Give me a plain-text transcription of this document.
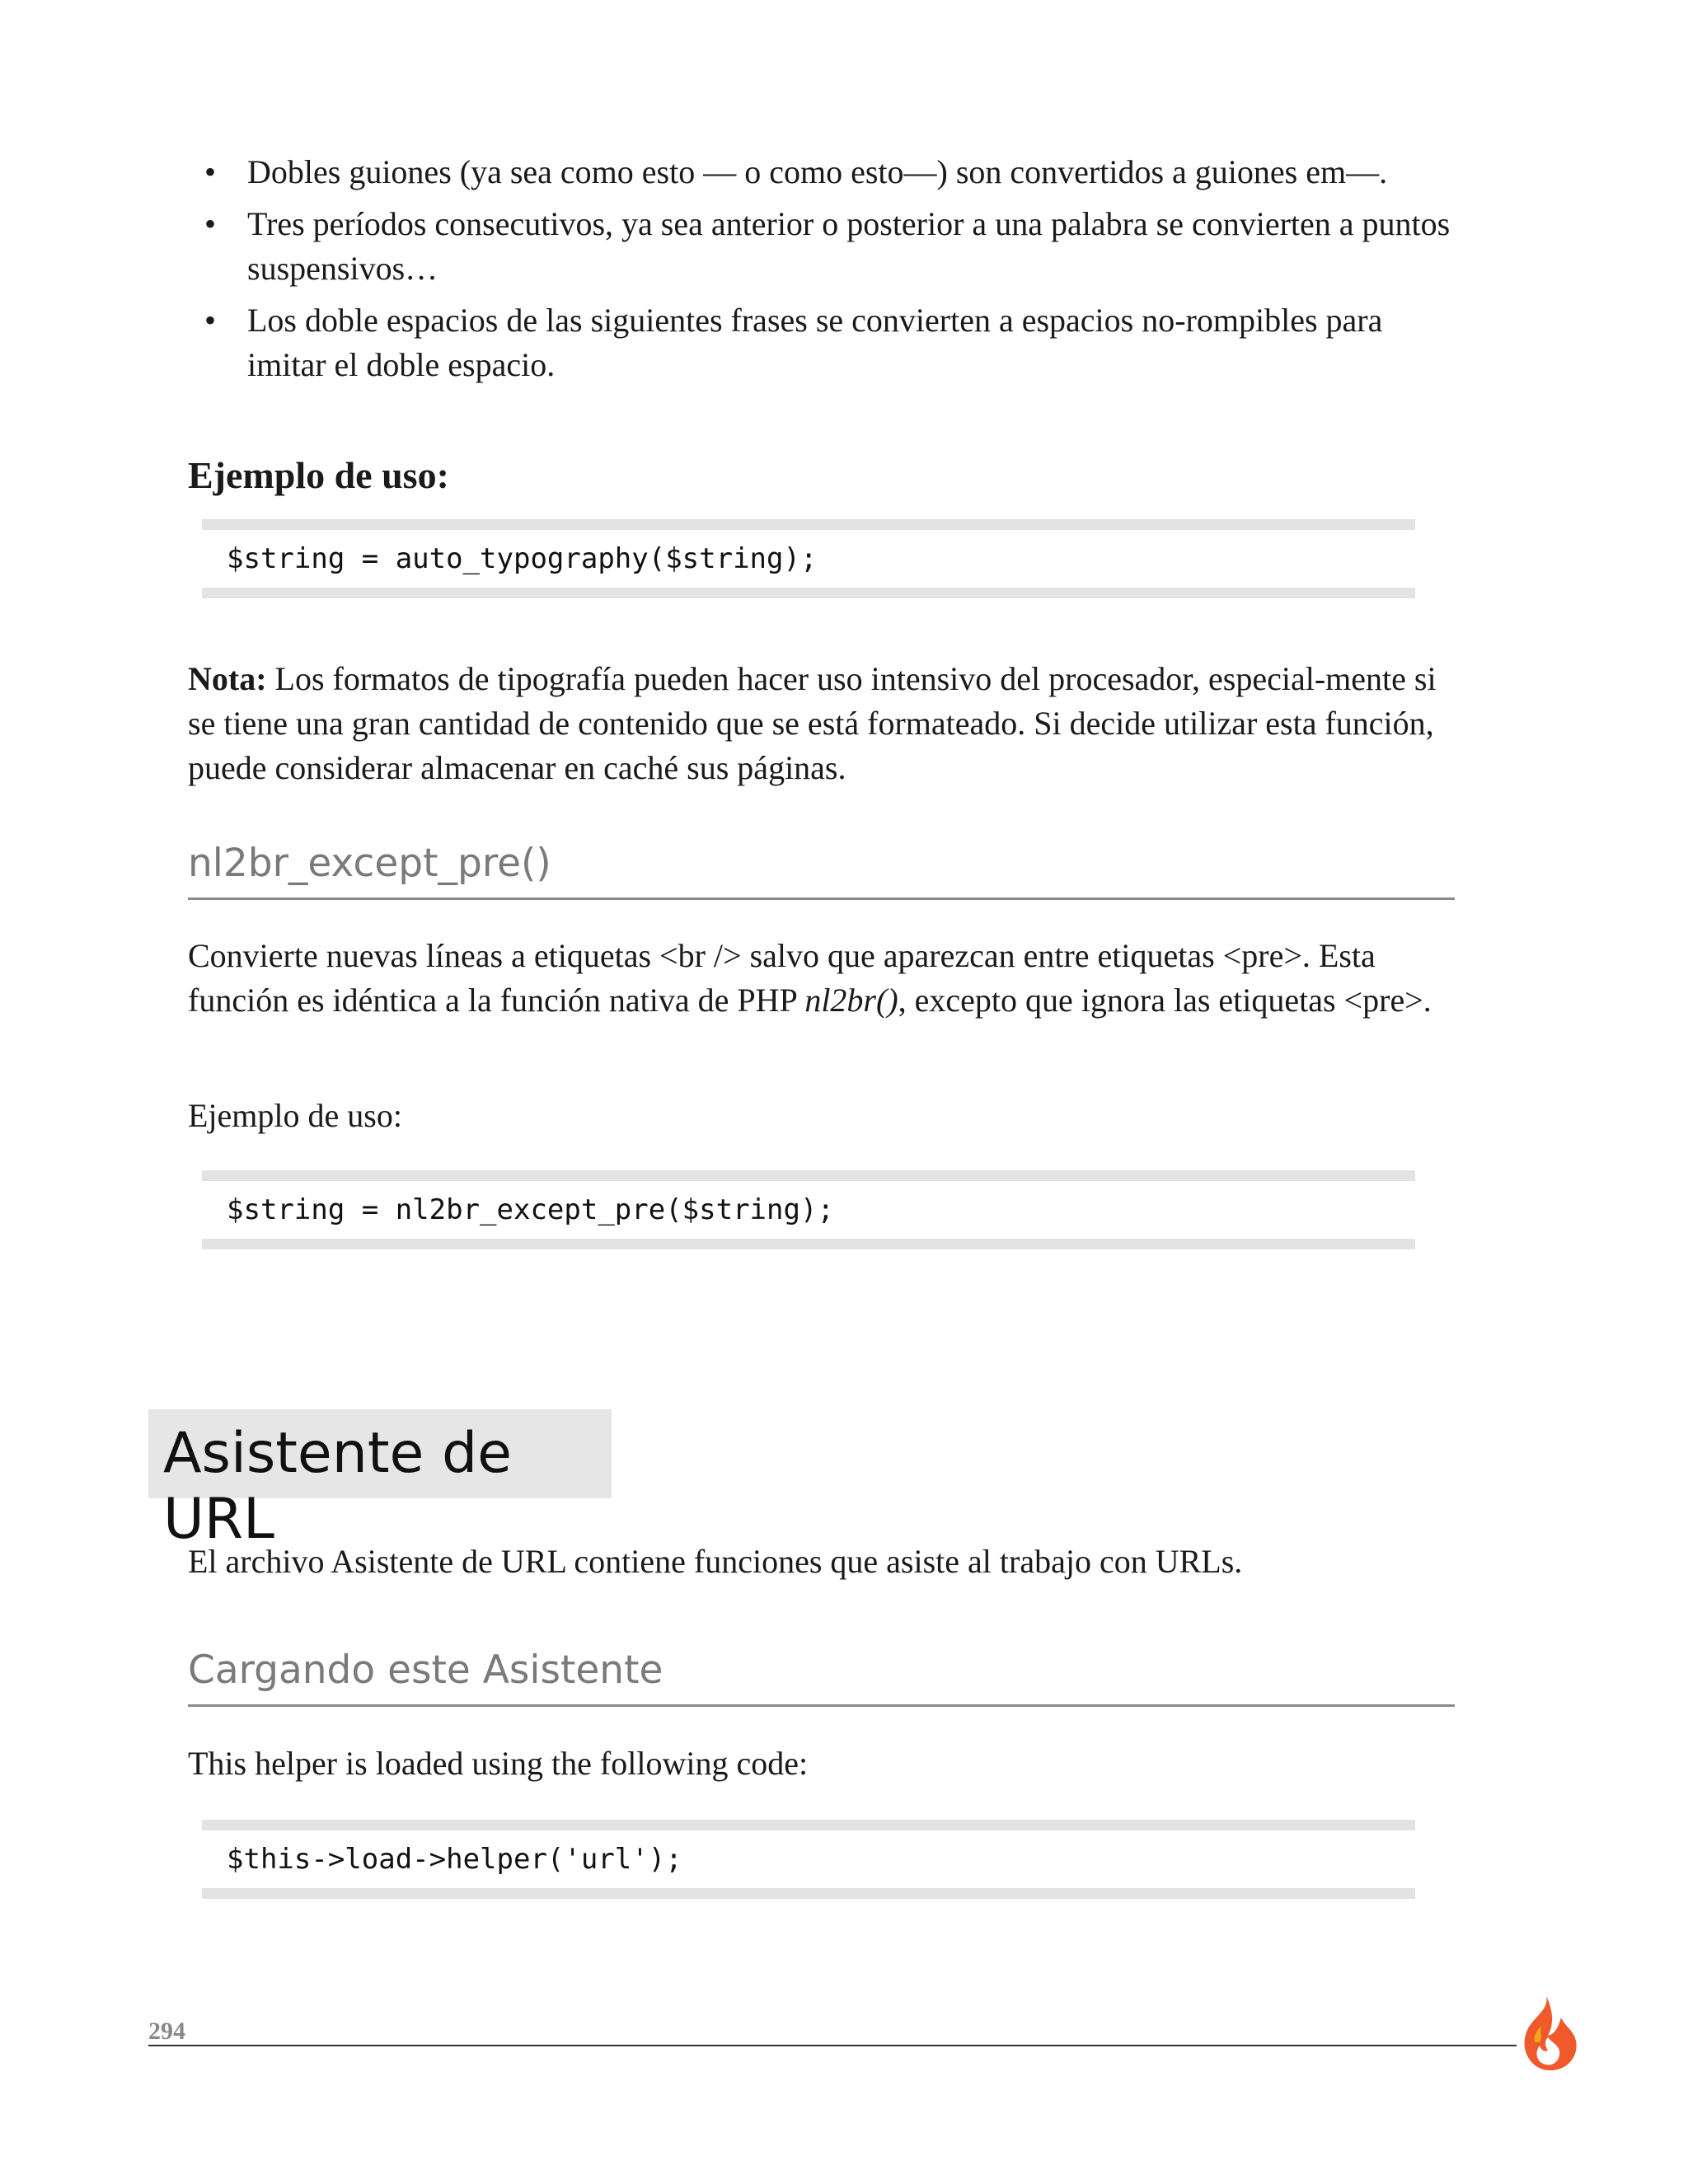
• Dobles guiones (ya sea como esto — o como esto—) son convertidos a guiones em—.
• Tres períodos consecutivos, ya sea anterior o posterior a una palabra se convierten a puntos suspensivos…
• Los doble espacios de las siguientes frases se convierten a espacios no-rompibles para imitar el doble espacio.
Ejemplo de uso:
$string = auto_typography($string);

Nota: Los formatos de tipografía pueden hacer uso intensivo del procesador, especial-mente si se tiene una gran cantidad de contenido que se está formateado. Si decide utilizar esta función, puede considerar almacenar en caché sus páginas.

nl2br_except_pre()

Convierte nuevas líneas a etiquetas <br /> salvo que aparezcan entre etiquetas <pre>. Esta función es idéntica a la función nativa de PHP nl2br(), excepto que ignora las etiquetas <pre>.

Ejemplo de uso:
$string = nl2br_except_pre($string);
Asistente de URL
El archivo Asistente de URL contiene funciones que asiste al trabajo con URLs.
Cargando este Asistente
This helper is loaded using the following code:
$this->load->helper('url');
294
